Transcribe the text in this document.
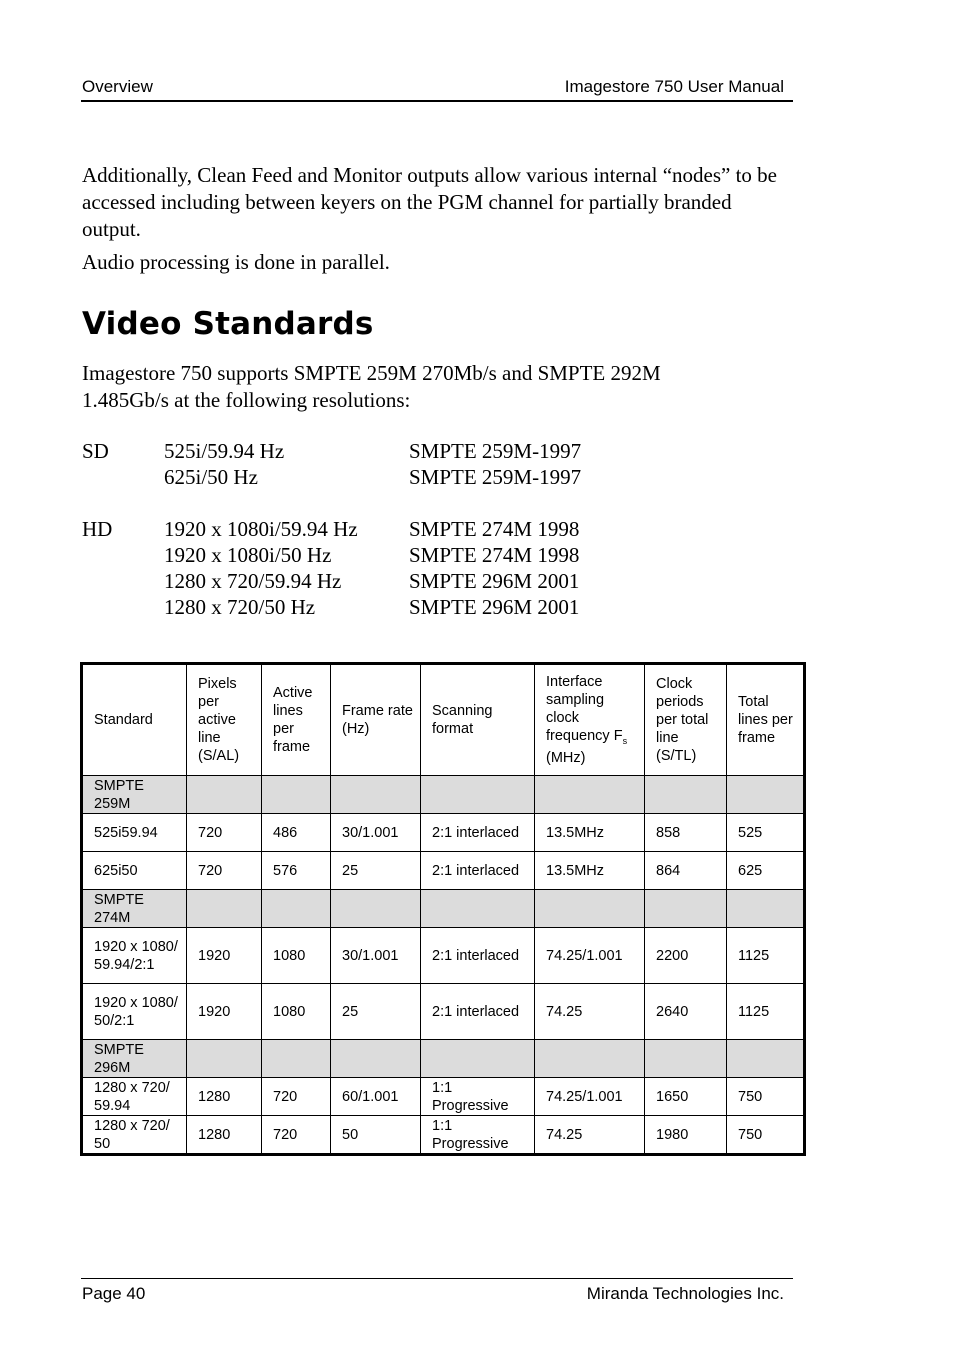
Overview	Imagestore 750 User Manual

Additionally, Clean Feed and Monitor outputs allow various internal “nodes” to be accessed including between keyers on the PGM channel for partially branded output.

Audio processing is done in parallel.

Video Standards

Imagestore 750 supports SMPTE 259M 270Mb/s and SMPTE 292M 1.485Gb/s at the following resolutions:

SD	525i/59.94 Hz	SMPTE 259M-1997
625i/50 Hz	SMPTE 259M-1997
HD 1920 x 1080i/59.94 Hz SMPTE 274M 1998
1920 x 1080i/50 Hz	SMPTE 274M 1998
1280 x 720/59.94 Hz	SMPTE 296M 2001
1280 x 720/50 Hz	SMPTE 296M 2001
Standard	Pixels per active line (S/AL)	Active lines per frame	Frame rate (Hz)	Scanning format	Interface sampling clock frequency $F_s$ (MHz)	Clock periods per total line (S/TL)	Total lines per frame
SMPTE 259M							
525i59.94	720	486	30/1.001	2:1 interlaced	13.5MHz	858	525
625i50	720	576	25	2:1 interlaced	13.5MHz	864	625
SMPTE 274M							
1920 x 1080/ 59.94/2:1	1920	1080	30/1.001	2:1 interlaced	74.25/1.001	2200	1125
1920 x 1080/ 50/2:1	1920	1080	25	2:1 interlaced	74.25	2640	1125
SMPTE 296M							
1280 x 720/ 59.94	1280	720	60/1.001	1:1 Progressive	74.25/1.001	1650	750
1280 x 720/ 50	1280	720	50	1:1 Progressive	74.25	1980	750
Page 40	Miranda Technologies Inc.
